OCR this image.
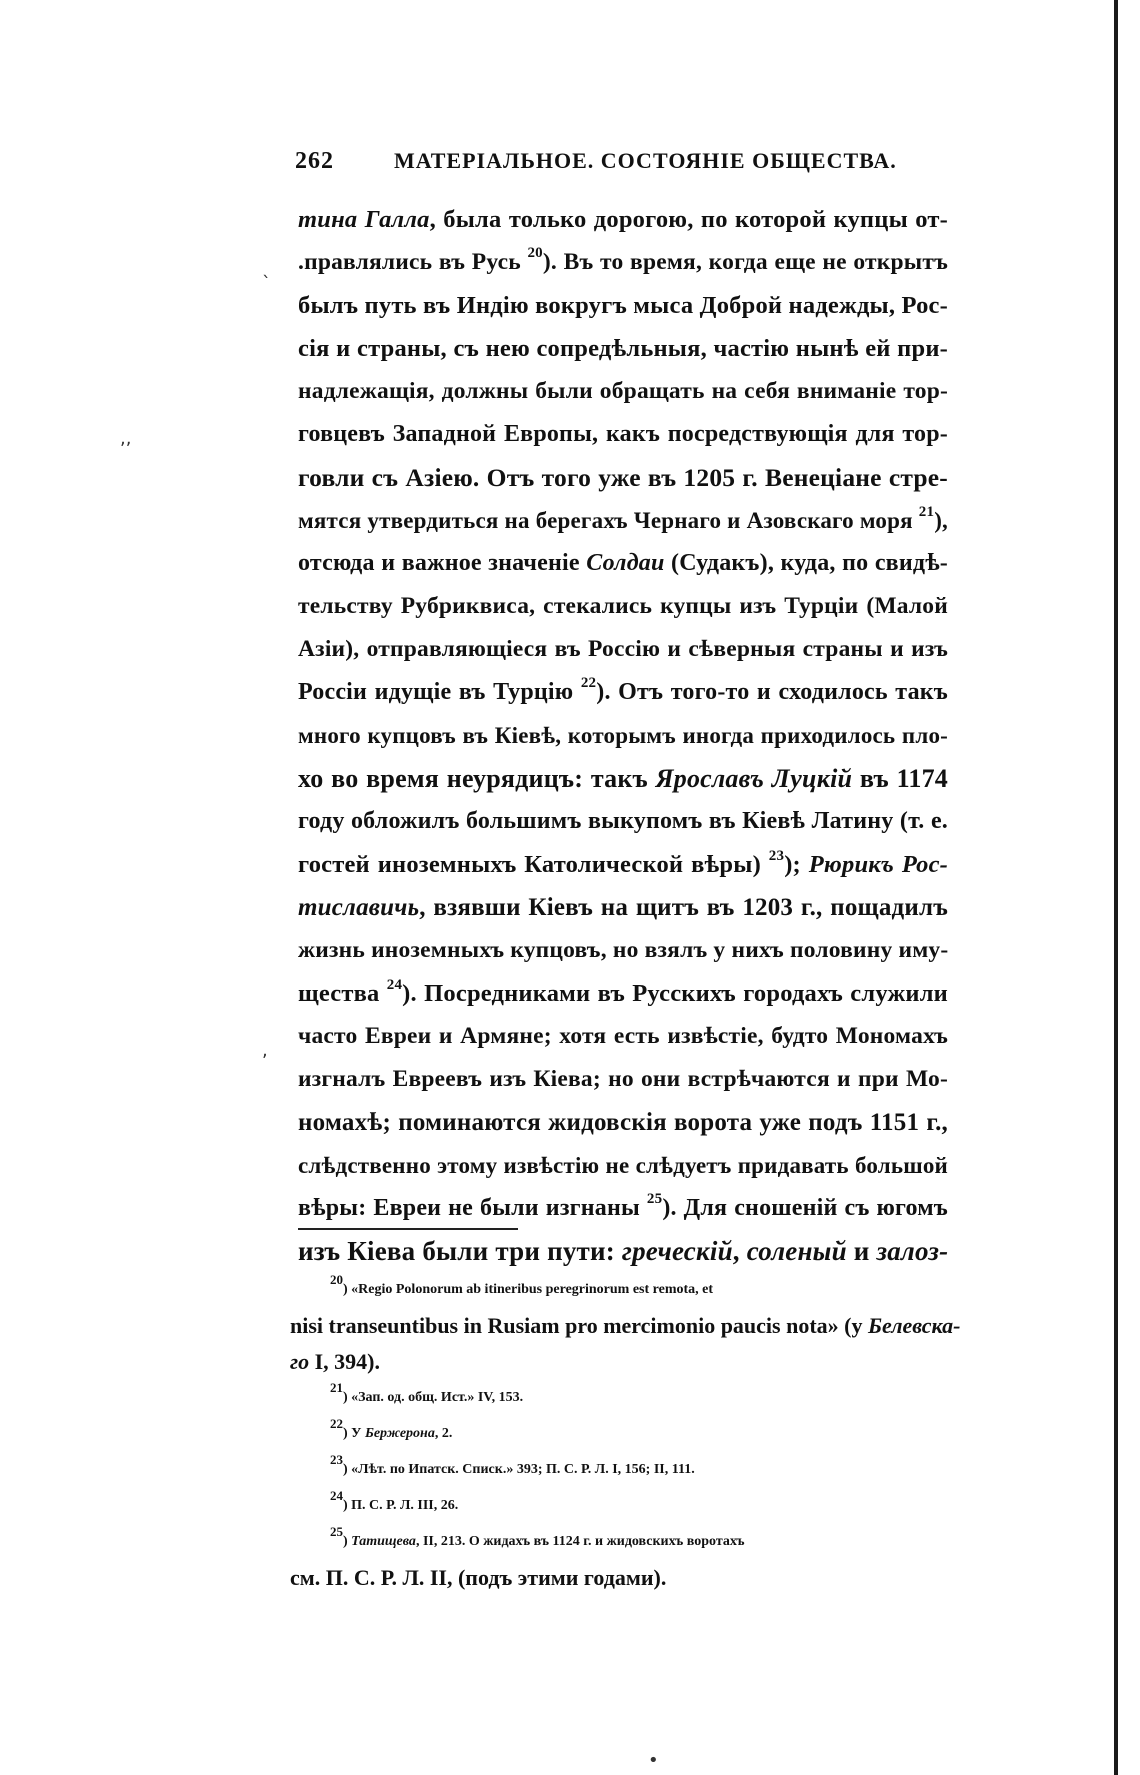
ˎ
,,
,
•
262	МАТЕРІАЛЬНОЕ. СОСТОЯНІЕ ОБЩЕСТВА.
тина Галла, была только дорогою, по которой купцы от-
.правлялись въ Русь $^{20}$). Въ то время, когда еще не открытъ
былъ путь въ Индію вокругъ мыса Доброй надежды, Рос-
сія и страны, съ нею сопредѣльныя, частію нынѣ ей при-
надлежащія, должны были обращать на себя вниманіе тор-
говцевъ Западной Европы, какъ посредствующія для тор-
говли съ Азіею. Отъ того уже въ 1205 г. Венеціане стре-
мятся утвердиться на берегахъ Чернаго и Азовскаго моря $^{21}$),
отсюда и важное значеніе Солдаи (Судакъ), куда, по свидѣ-
тельству Рубриквиса, стекались купцы изъ Турціи (Малой
Азіи), отправляющіеся въ Россію и сѣверныя страны и изъ
Россіи идущіе въ Турцію $^{22}$). Отъ того-то и сходилось такъ
много купцовъ въ Кіевѣ, которымъ иногда приходилось пло-
хо во время неурядицъ: такъ Ярославъ Луцкій въ 1174
году обложилъ большимъ выкупомъ въ Кіевѣ Латину (т. е.
гостей иноземныхъ Католической вѣры) $^{23}$); Рюрикъ Рос-
тиславичь, взявши Кіевъ на щитъ въ 1203 г., пощадилъ
жизнь иноземныхъ купцовъ, но взялъ у нихъ половину иму-
щества $^{24}$). Посредниками въ Русскихъ городахъ служили
часто Евреи и Армяне; хотя есть извѣстіе, будто Мономахъ
изгналъ Евреевъ изъ Кіева; но они встрѣчаются и при Мо-
номахѣ; поминаются жидовскія ворота уже подъ 1151 г.,
слѣдственно этому извѣстію не слѣдуетъ придавать большой
вѣры: Евреи не были изгнаны $^{25}$). Для сношеній съ югомъ
изъ Кіева были три пути: греческій, соленый и залоз-
$^{20}$) «Regio Polonorum ab itineribus peregrinorum est remota, et
nisi transeuntibus in Rusiam pro mercimonio paucis nota» (у Белевска-
го I, 394).
$^{21}$) «Зап. од. общ. Ист.» IV, 153.
$^{22}$) У Бержерона, 2.
$^{23}$) «Лѣт. по Ипатск. Списк.» 393; П. С. Р. Л. I, 156; II, 111.
$^{24}$) П. С. Р. Л. III, 26.
$^{25}$) Татищева, II, 213. О жидахъ въ 1124 г. и жидовскихъ воротахъ
см. П. С. Р. Л. II, (подъ этими годами).
